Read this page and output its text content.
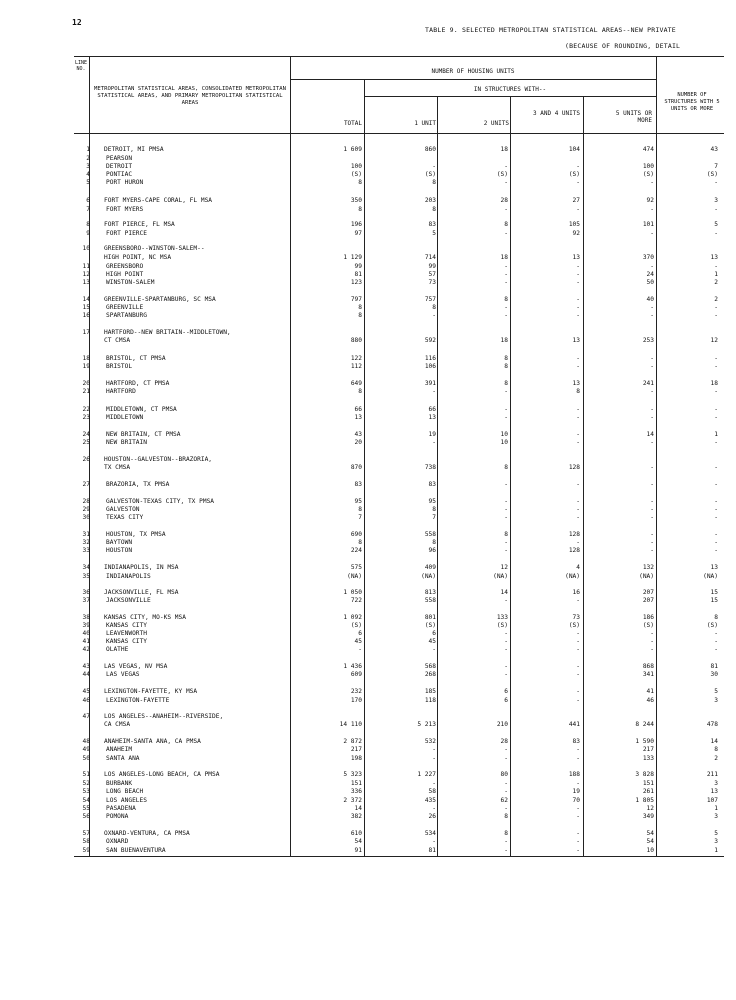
12
TABLE 9. SELECTED METROPOLITAN STATISTICAL AREAS--NEW PRIVATE
(BECAUSE OF ROUNDING, DETAIL
LINE NO.
METROPOLITAN STATISTICAL AREAS, CONSOLIDATED METROPOLITAN STATISTICAL AREAS, AND PRIMARY METROPOLITAN STATISTICAL AREAS
NUMBER OF HOUSING UNITS
IN STRUCTURES WITH--
TOTAL	1 UNIT	2 UNITS
3 AND 4 UNITS	5 UNITS OR MORE
NUMBER OF STRUCTURES WITH 5 UNITS OR MORE
1 DETROIT, MI PMSA	1 609	860	18	104	474	43
2	PEARSON
3	DETROIT	100	-	-	-	100	7
4	PONTIAC	(S)	(S)	(S)	(S)	(S)	(S)
5	PORT HURON	8	8	-	-	-	-
6 FORT MYERS-CAPE CORAL, FL MSA	350	203	28	27	92	3
7	FORT MYERS	8	8	-	-	-	-
8 FORT PIERCE, FL MSA	196	83	8	105	101	5
9	FORT PIERCE	97	5	-	92	-	-
10 GREENSBORO--WINSTON-SALEM--
HIGH POINT, NC MSA	1 129	714	18	13	370	13
11	GREENSBORO	99	99	-	-	-	-
12	HIGH POINT	81	57	-	-	24	1
13	WINSTON-SALEM	123	73	-	-	50	2
14 GREENVILLE-SPARTANBURG, SC MSA	797	757	8	-	40	2
15	GREENVILLE	8	8	-	-	-	-
16	SPARTANBURG	8	-	-	-	-	-
17 HARTFORD--NEW BRITAIN--MIDDLETOWN,
CT CMSA	880	592	18	13	253	12
18	BRISTOL, CT PMSA	122	116	8	-	-	-
19	BRISTOL	112	106	8	-	-	-
20	HARTFORD, CT PMSA	649	391	8	13	241	18
21	HARTFORD	8	-	-	8	-	-
22	MIDDLETOWN, CT PMSA	66	66	-	-	-	-
23	MIDDLETOWN	13	13	-	-	-	-
24	NEW BRITAIN, CT PMSA	43	19	10	-	14	1
25	NEW BRITAIN	20	-	10	-	-	-
26 HOUSTON--GALVESTON--BRAZORIA,
TX CMSA	870	738	8	128	-	-
27	BRAZORIA, TX PMSA	83	83	-	-	-	-
28	GALVESTON-TEXAS CITY, TX PMSA	95	95	-	-	-	-
29	GALVESTON	8	8	-	-	-	-
30	TEXAS CITY	7	7	-	-	-	-
31	HOUSTON, TX PMSA	690	558	8	128	-	-
32	BAYTOWN	8	8	-	-	-	-
33	HOUSTON	224	96	-	128	-	-
34 INDIANAPOLIS, IN MSA	575	409	12	4	132	13
35	INDIANAPOLIS	(NA)	(NA)	(NA)	(NA)	(NA)	(NA)
36 JACKSONVILLE, FL MSA	1 050	813	14	16	207	15
37	JACKSONVILLE	722	558	-	-	207	15
38 KANSAS CITY, MO-KS MSA	1 092	801	133	73	186	8
39	KANSAS CITY	(S)	(S)	(S)	(S)	(S)	(S)
40	LEAVENWORTH	6	6	-	-	-	-
41	KANSAS CITY	45	45	-	-	-	-
42	OLATHE	-	-	-	-	-	-
43 LAS VEGAS, NV MSA	1 436	568	-	-	868	81
44	LAS VEGAS	609	268	-	-	341	30
45 LEXINGTON-FAYETTE, KY MSA	232	185	6	-	41	5
46	LEXINGTON-FAYETTE	170	118	6	-	46	3
47 LOS ANGELES--ANAHEIM--RIVERSIDE,
CA CMSA	14 110	5 213	210	441	8 244	478
48 ANAHEIM-SANTA ANA, CA PMSA	2 872	532	28	83	1 590	14
49	ANAHEIM	217	-	-	-	217	8
50	SANTA ANA	198	-	-	-	133	2
51 LOS ANGELES-LONG BEACH, CA PMSA	5 323	1 227	80	188	3 828	211
52	BURBANK	151	-	-	-	151	3
53	LONG BEACH	336	58	-	19	261	13
54	LOS ANGELES	2 372	435	62	70	1 805	107
55	PASADENA	14	-	-	-	12	1
56	POMONA	382	26	8	-	349	3
57 OXNARD-VENTURA, CA PMSA	610	534	8	-	54	5
58	OXNARD	54	-	-	-	54	3
59	SAN BUENAVENTURA	91	81	-	-	10	1
